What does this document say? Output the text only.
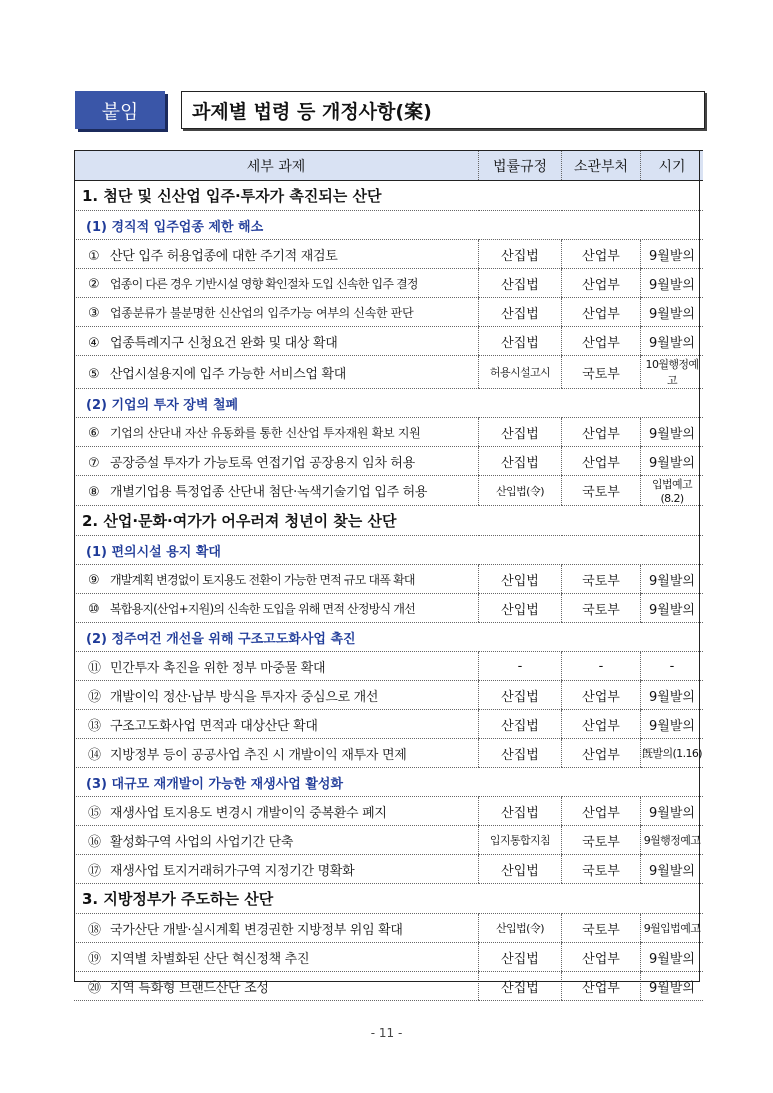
붙임	과제별 법령 등 개정사항(案)
세부 과제	법률규정	소관부처	시기
1. 첨단 및 신산업 입주·투자가 촉진되는 산단			
(1) 경직적 입주업종 제한 해소			
① 산단 입주 허용업종에 대한 주기적 재검토	산집법	산업부	9월발의
② 업종이 다른 경우 기반시설 영향 확인절차 도입 신속한 입주 결정	산집법	산업부	9월발의
③ 업종분류가 불분명한 신산업의 입주가능 여부의 신속한 판단	산집법	산업부	9월발의
④ 업종특례지구 신청요건 완화 및 대상 확대	산집법	산업부	9월발의
⑤ 산업시설용지에 입주 가능한 서비스업 확대	허용시설고시	국토부	10월행정예고
(2) 기업의 투자 장벽 철폐			
⑥ 기업의 산단내 자산 유동화를 통한 신산업 투자재원 확보 지원	산집법	산업부	9월발의
⑦ 공장증설 투자가 가능토록 연접기업 공장용지 임차 허용	산집법	산업부	9월발의
⑧ 개별기업용 특정업종 산단내 첨단·녹색기술기업 입주 허용	산입법(令)	국토부	입법예고(8.2)
2. 산업·문화·여가가 어우러져 청년이 찾는 산단			
(1) 편의시설 용지 확대			
⑨ 개발계획 변경없이 토지용도 전환이 가능한 면적 규모 대폭 확대	산입법	국토부	9월발의
⑩ 복합용지(산업+지원)의 신속한 도입을 위해 면적 산정방식 개선	산입법	국토부	9월발의
(2) 정주여건 개선을 위해 구조고도화사업 촉진			
⑪ 민간투자 촉진을 위한 정부 마중물 확대	-	-	-
⑫ 개발이익 정산·납부 방식을 투자자 중심으로 개선	산집법	산업부	9월발의
⑬ 구조고도화사업 면적과 대상산단 확대	산집법	산업부	9월발의
⑭ 지방정부 등이 공공사업 추진 시 개발이익 재투자 면제	산집법	산업부	旣발의(1.16)
(3) 대규모 재개발이 가능한 재생사업 활성화			
⑮ 재생사업 토지용도 변경시 개발이익 중복환수 폐지	산집법	산업부	9월발의
⑯ 활성화구역 사업의 사업기간 단축	입지통합지침	국토부	9월행정예고
⑰ 재생사업 토지거래허가구역 지정기간 명확화	산입법	국토부	9월발의
3. 지방정부가 주도하는 산단			
⑱ 국가산단 개발·실시계획 변경권한 지방정부 위임 확대	산입법(令)	국토부	9월입법예고
⑲ 지역별 차별화된 산단 혁신정책 추진	산집법	산업부	9월발의
⑳ 지역 특화형 브랜드산단 조성	산집법	산업부	9월발의
- 11 -
